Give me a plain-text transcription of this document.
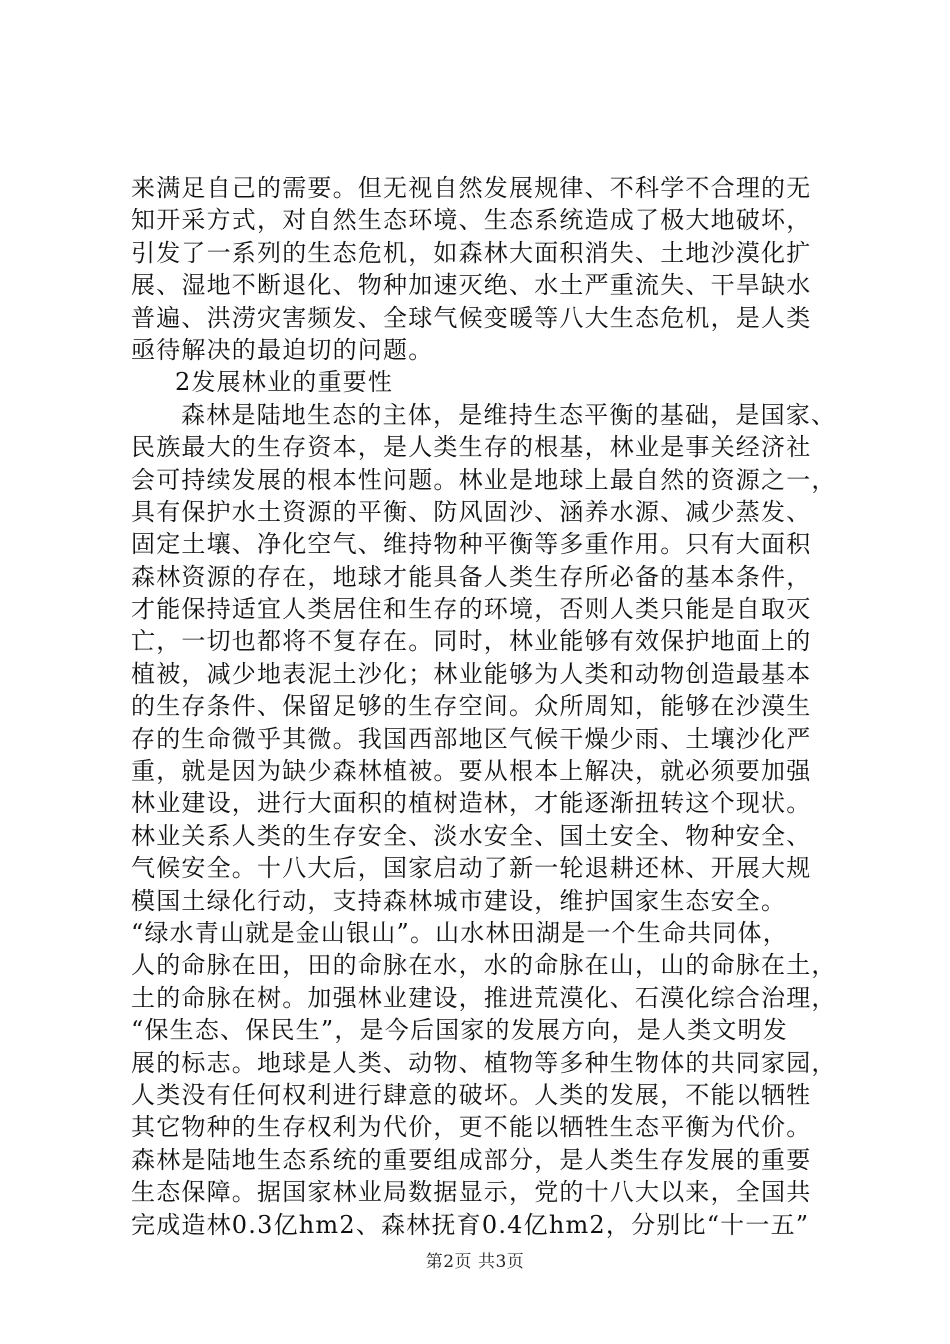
来满足自己的需要。但无视自然发展规律、不科学不合理的无
知开采方式，对自然生态环境、生态系统造成了极大地破坏，
引发了一系列的生态危机，如森林大面积消失、土地沙漠化扩
展、湿地不断退化、物种加速灭绝、水土严重流失、干旱缺水
普遍、洪涝灾害频发、全球气候变暖等八大生态危机，是人类
亟待解决的最迫切的问题。
2发展林业的重要性
森林是陆地生态的主体，是维持生态平衡的基础，是国家、
民族最大的生存资本，是人类生存的根基，林业是事关经济社
会可持续发展的根本性问题。林业是地球上最自然的资源之一，
具有保护水土资源的平衡、防风固沙、涵养水源、减少蒸发、
固定土壤、净化空气、维持物种平衡等多重作用。只有大面积
森林资源的存在，地球才能具备人类生存所必备的基本条件，
才能保持适宜人类居住和生存的环境，否则人类只能是自取灭
亡，一切也都将不复存在。同时，林业能够有效保护地面上的
植被，减少地表泥土沙化；林业能够为人类和动物创造最基本
的生存条件、保留足够的生存空间。众所周知，能够在沙漠生
存的生命微乎其微。我国西部地区气候干燥少雨、土壤沙化严
重，就是因为缺少森林植被。要从根本上解决，就必须要加强
林业建设，进行大面积的植树造林，才能逐渐扭转这个现状。
林业关系人类的生存安全、淡水安全、国土安全、物种安全、
气候安全。十八大后，国家启动了新一轮退耕还林、开展大规
模国土绿化行动，支持森林城市建设，维护国家生态安全。
“绿水青山就是金山银山”。山水林田湖是一个生命共同体，
人的命脉在田，田的命脉在水，水的命脉在山，山的命脉在土，
土的命脉在树。加强林业建设，推进荒漠化、石漠化综合治理，
“保生态、保民生”，是今后国家的发展方向，是人类文明发
展的标志。地球是人类、动物、植物等多种生物体的共同家园，
人类没有任何权利进行肆意的破坏。人类的发展，不能以牺牲
其它物种的生存权利为代价，更不能以牺牲生态平衡为代价。
森林是陆地生态系统的重要组成部分，是人类生存发展的重要
生态保障。据国家林业局数据显示，党的十八大以来，全国共
完成造林0.3亿hm2、森林抚育0.4亿hm2，分别比“十一五”
第2页 共3页
